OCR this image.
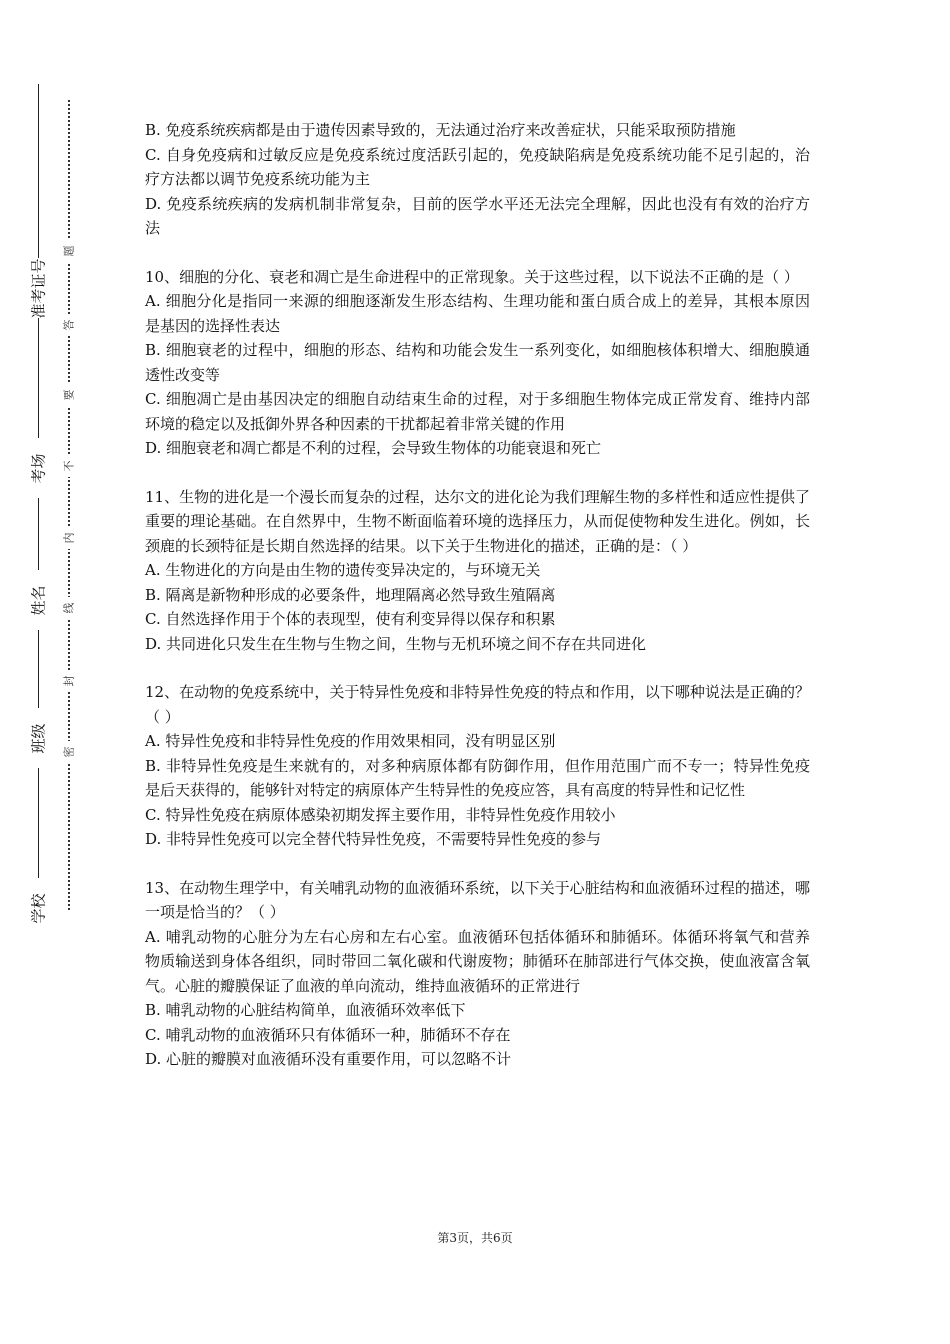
准考证号
考场
姓名
班级
学校
题
答
要
不
内
线
封
密

B. 免疫系统疾病都是由于遗传因素导致的，无法通过治疗来改善症状，只能采取预防措施

C. 自身免疫病和过敏反应是免疫系统过度活跃引起的，免疫缺陷病是免疫系统功能不足引起的，治疗方法都以调节免疫系统功能为主

D. 免疫系统疾病的发病机制非常复杂，目前的医学水平还无法完全理解，因此也没有有效的治疗方法

10、细胞的分化、衰老和凋亡是生命进程中的正常现象。关于这些过程，以下说法不正确的是（ ）

A. 细胞分化是指同一来源的细胞逐渐发生形态结构、生理功能和蛋白质合成上的差异，其根本原因是基因的选择性表达

B. 细胞衰老的过程中，细胞的形态、结构和功能会发生一系列变化，如细胞核体积增大、细胞膜通透性改变等

C. 细胞凋亡是由基因决定的细胞自动结束生命的过程，对于多细胞生物体完成正常发育、维持内部环境的稳定以及抵御外界各种因素的干扰都起着非常关键的作用

D. 细胞衰老和凋亡都是不利的过程，会导致生物体的功能衰退和死亡

11、生物的进化是一个漫长而复杂的过程，达尔文的进化论为我们理解生物的多样性和适应性提供了重要的理论基础。在自然界中，生物不断面临着环境的选择压力，从而促使物种发生进化。例如，长颈鹿的长颈特征是长期自然选择的结果。以下关于生物进化的描述，正确的是：（ ）

A. 生物进化的方向是由生物的遗传变异决定的，与环境无关

B. 隔离是新物种形成的必要条件，地理隔离必然导致生殖隔离

C. 自然选择作用于个体的表现型，使有利变异得以保存和积累

D. 共同进化只发生在生物与生物之间，生物与无机环境之间不存在共同进化

12、在动物的免疫系统中，关于特异性免疫和非特异性免疫的特点和作用，以下哪种说法是正确的？（ ）

A. 特异性免疫和非特异性免疫的作用效果相同，没有明显区别

B. 非特异性免疫是生来就有的，对多种病原体都有防御作用，但作用范围广而不专一；特异性免疫是后天获得的，能够针对特定的病原体产生特异性的免疫应答，具有高度的特异性和记忆性

C. 特异性免疫在病原体感染初期发挥主要作用，非特异性免疫作用较小

D. 非特异性免疫可以完全替代特异性免疫，不需要特异性免疫的参与

13、在动物生理学中，有关哺乳动物的血液循环系统，以下关于心脏结构和血液循环过程的描述，哪一项是恰当的？（ ）

A. 哺乳动物的心脏分为左右心房和左右心室。血液循环包括体循环和肺循环。体循环将氧气和营养物质输送到身体各组织，同时带回二氧化碳和代谢废物；肺循环在肺部进行气体交换，使血液富含氧气。心脏的瓣膜保证了血液的单向流动，维持血液循环的正常进行

B. 哺乳动物的心脏结构简单，血液循环效率低下

C. 哺乳动物的血液循环只有体循环一种，肺循环不存在

D. 心脏的瓣膜对血液循环没有重要作用，可以忽略不计

第3页，共6页
